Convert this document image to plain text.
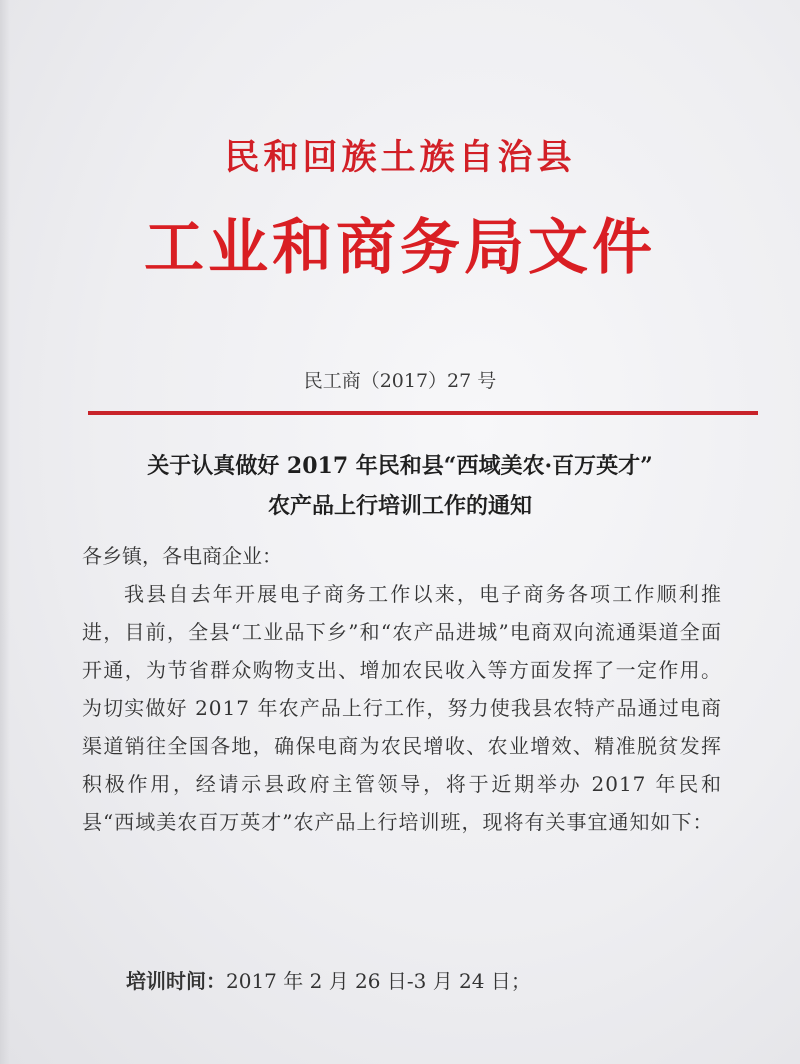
民和回族土族自治县
工业和商务局文件
民工商（2017）27 号
关于认真做好 2017 年民和县“西域美农·百万英才”
农产品上行培训工作的通知
各乡镇，各电商企业：
我县自去年开展电子商务工作以来，电子商务各项工作顺利推进，目前，全县“工业品下乡”和“农产品进城”电商双向流通渠道全面开通，为节省群众购物支出、增加农民收入等方面发挥了一定作用。为切实做好 2017 年农产品上行工作，努力使我县农特产品通过电商渠道销往全国各地，确保电商为农民增收、农业增效、精准脱贫发挥积极作用，经请示县政府主管领导，将于近期举办 2017 年民和县“西域美农百万英才”农产品上行培训班，现将有关事宜通知如下：
培训时间：2017 年 2 月 26 日-3 月 24 日；
